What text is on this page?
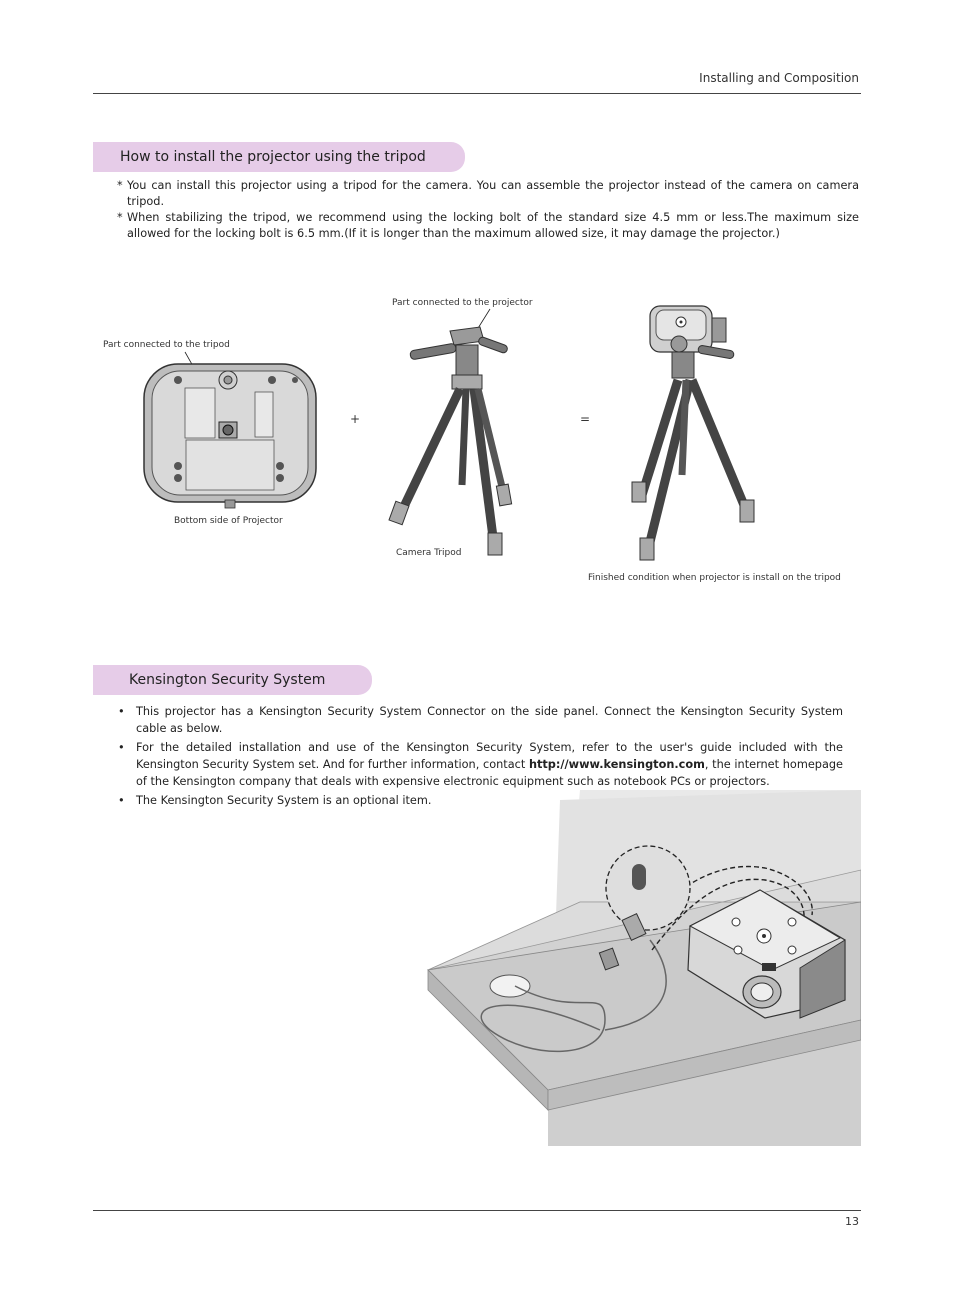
Installing and Composition
How to install the projector using the tripod
* You can install this projector using a tripod for the camera. You can assemble the projector instead of the camera on camera tripod.
* When stabilizing the tripod, we recommend using the locking bolt of the standard size 4.5 mm or less.The maximum size allowed for the locking bolt is 6.5 mm.(If it is longer than the maximum allowed size, it may damage the projector.)
Part connected to the tripod
Bottom side of Projector
+
Part connected to the projector
Camera Tripod
=
Finished condition when projector is install on the tripod
Kensington Security System
• This projector has a Kensington Security System Connector on the side panel. Connect the Kensington Security System cable as below.
• For the detailed installation and use of the Kensington Security System, refer to the user's guide included with the Kensington Security System set. And for further information, contact http://www.kensington.com, the internet homepage of the Kensington company that deals with expensive electronic equipment such as notebook PCs or projectors.
• The Kensington Security System is an optional item.
13
